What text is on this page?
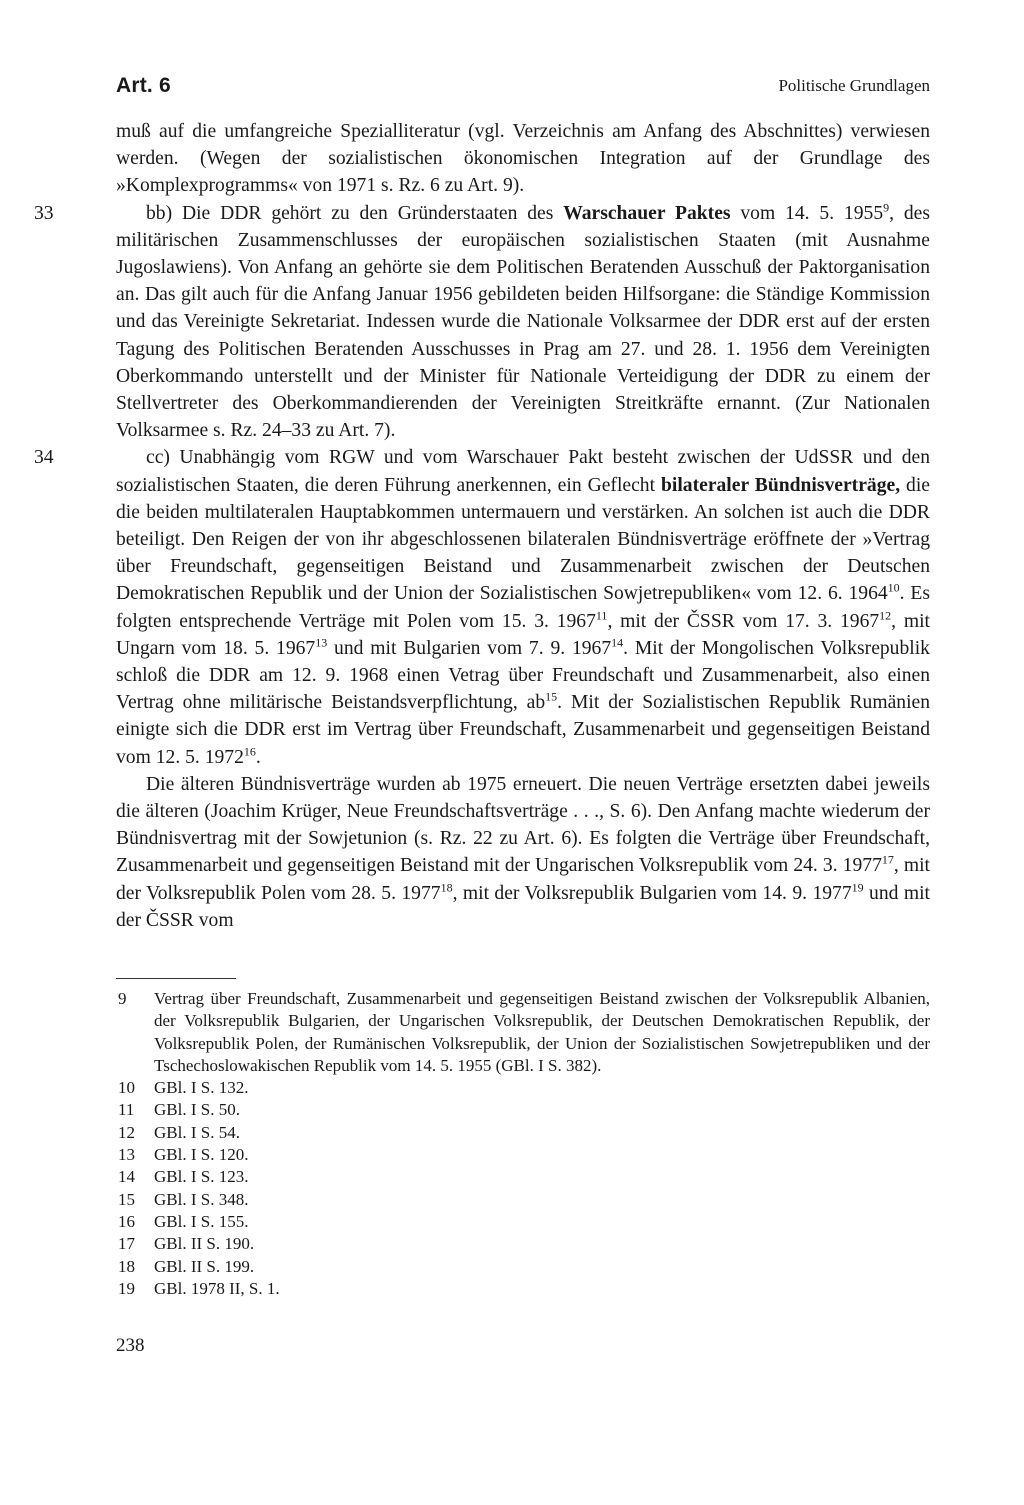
Art. 6	Politische Grundlagen

muß auf die umfangreiche Spezialliteratur (vgl. Verzeichnis am Anfang des Abschnittes) verwiesen werden. (Wegen der sozialistischen ökonomischen Integration auf der Grundlage des »Komplexprogramms« von 1971 s. Rz. 6 zu Art. 9).

33	bb) Die DDR gehört zu den Gründerstaaten des Warschauer Paktes vom 14. 5. 1955$^9$, des militärischen Zusammenschlusses der europäischen sozialistischen Staaten (mit Ausnahme Jugoslawiens). Von Anfang an gehörte sie dem Politischen Beratenden Ausschuß der Paktorganisation an. Das gilt auch für die Anfang Januar 1956 gebildeten beiden Hilfsorgane: die Ständige Kommission und das Vereinigte Sekretariat. Indessen wurde die Nationale Volksarmee der DDR erst auf der ersten Tagung des Politischen Beratenden Ausschusses in Prag am 27. und 28. 1. 1956 dem Vereinigten Oberkommando unterstellt und der Minister für Nationale Verteidigung der DDR zu einem der Stellvertreter des Oberkommandierenden der Vereinigten Streitkräfte ernannt. (Zur Nationalen Volksarmee s. Rz. 24–33 zu Art. 7).

34	cc) Unabhängig vom RGW und vom Warschauer Pakt besteht zwischen der UdSSR und den sozialistischen Staaten, die deren Führung anerkennen, ein Geflecht bilateraler Bündnisverträge, die die beiden multilateralen Hauptabkommen untermauern und verstärken. An solchen ist auch die DDR beteiligt. Den Reigen der von ihr abgeschlossenen bilateralen Bündnisverträge eröffnete der »Vertrag über Freundschaft, gegenseitigen Beistand und Zusammenarbeit zwischen der Deutschen Demokratischen Republik und der Union der Sozialistischen Sowjetrepubliken« vom 12. 6. 1964$^{10}$. Es folgten entsprechende Verträge mit Polen vom 15. 3. 1967$^{11}$, mit der ČSSR vom 17. 3. 1967$^{12}$, mit Ungarn vom 18. 5. 1967$^{13}$ und mit Bulgarien vom 7. 9. 1967$^{14}$. Mit der Mongolischen Volksrepublik schloß die DDR am 12. 9. 1968 einen Vetrag über Freundschaft und Zusammenarbeit, also einen Vertrag ohne militärische Beistandsverpflichtung, $ab^{15}$. Mit der Sozialistischen Republik Rumänien einigte sich die DDR erst im Vertrag über Freundschaft, Zusammenarbeit und gegenseitigen Beistand vom 12. 5. 1972$^{16}$.

Die älteren Bündnisverträge wurden ab 1975 erneuert. Die neuen Verträge ersetzten dabei jeweils die älteren (Joachim Krüger, Neue Freundschaftsverträge . . ., S. 6). Den Anfang machte wiederum der Bündnisvertrag mit der Sowjetunion (s. Rz. 22 zu Art. 6). Es folgten die Verträge über Freundschaft, Zusammenarbeit und gegenseitigen Beistand mit der Ungarischen Volksrepublik vom 24. 3. 1977$^{17}$, mit der Volksrepublik Polen vom 28. 5. 1977$^{18}$, mit der Volksrepublik Bulgarien vom 14. 9. 1977$^{19}$ und mit der ČSSR vom

9 Vertrag über Freundschaft, Zusammenarbeit und gegenseitigen Beistand zwischen der Volksrepublik Albanien, der Volksrepublik Bulgarien, der Ungarischen Volksrepublik, der Deutschen Demokratischen Republik, der Volksrepublik Polen, der Rumänischen Volksrepublik, der Union der Sozialistischen Sowjetrepubliken und der Tschechoslowakischen Republik vom 14. 5. 1955 (GBl. I S. 382).
10 GBl. I S. 132.
11 GBl. I S. 50.
12 GBl. I S. 54.
13 GBl. I S. 120.
14 GBl. I S. 123.
15 GBl. I S. 348.
16 GBl. I S. 155.
17 GBl. II S. 190.
18 GBl. II S. 199.
19 GBl. 1978 II, S. 1.
238
